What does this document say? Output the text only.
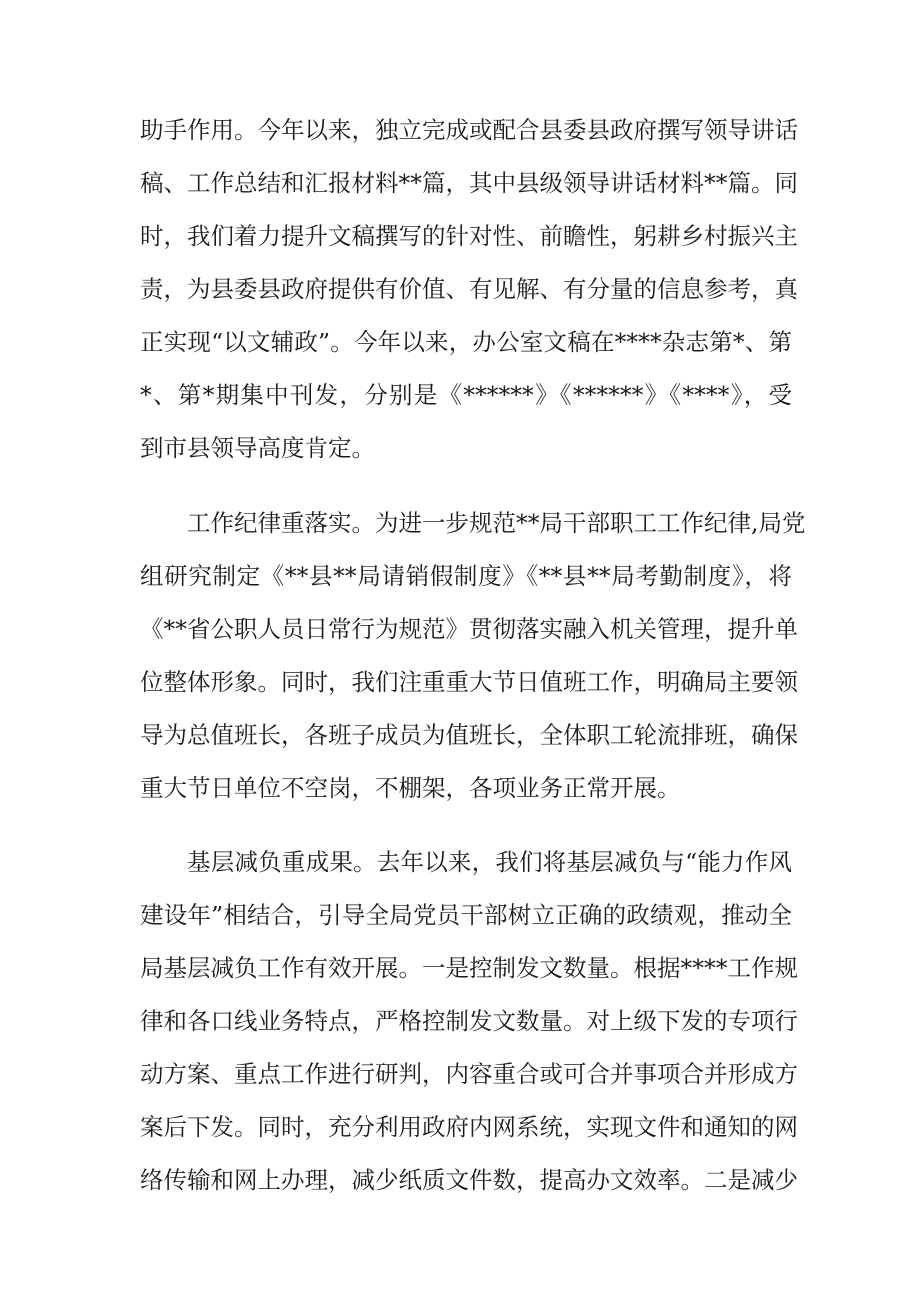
助手作用。今年以来，独立完成或配合县委县政府撰写领导讲话
稿、工作总结和汇报材料**篇，其中县级领导讲话材料**篇。同
时，我们着力提升文稿撰写的针对性、前瞻性，躬耕乡村振兴主
责，为县委县政府提供有价值、有见解、有分量的信息参考，真
正实现“以文辅政”。今年以来，办公室文稿在****杂志第*、第
*、第*期集中刊发，分别是《******》《******》《****》，受
到市县领导高度肯定。
工作纪律重落实。为进一步规范**局干部职工工作纪律,局党
组研究制定《**县**局请销假制度》《**县**局考勤制度》，将
《**省公职人员日常行为规范》贯彻落实融入机关管理，提升单
位整体形象。同时，我们注重重大节日值班工作，明确局主要领
导为总值班长，各班子成员为值班长，全体职工轮流排班，确保
重大节日单位不空岗，不棚架，各项业务正常开展。
基层减负重成果。去年以来，我们将基层减负与“能力作风
建设年”相结合，引导全局党员干部树立正确的政绩观，推动全
局基层减负工作有效开展。一是控制发文数量。根据****工作规
律和各口线业务特点，严格控制发文数量。对上级下发的专项行
动方案、重点工作进行研判，内容重合或可合并事项合并形成方
案后下发。同时，充分利用政府内网系统，实现文件和通知的网
络传输和网上办理，减少纸质文件数，提高办文效率。二是减少
